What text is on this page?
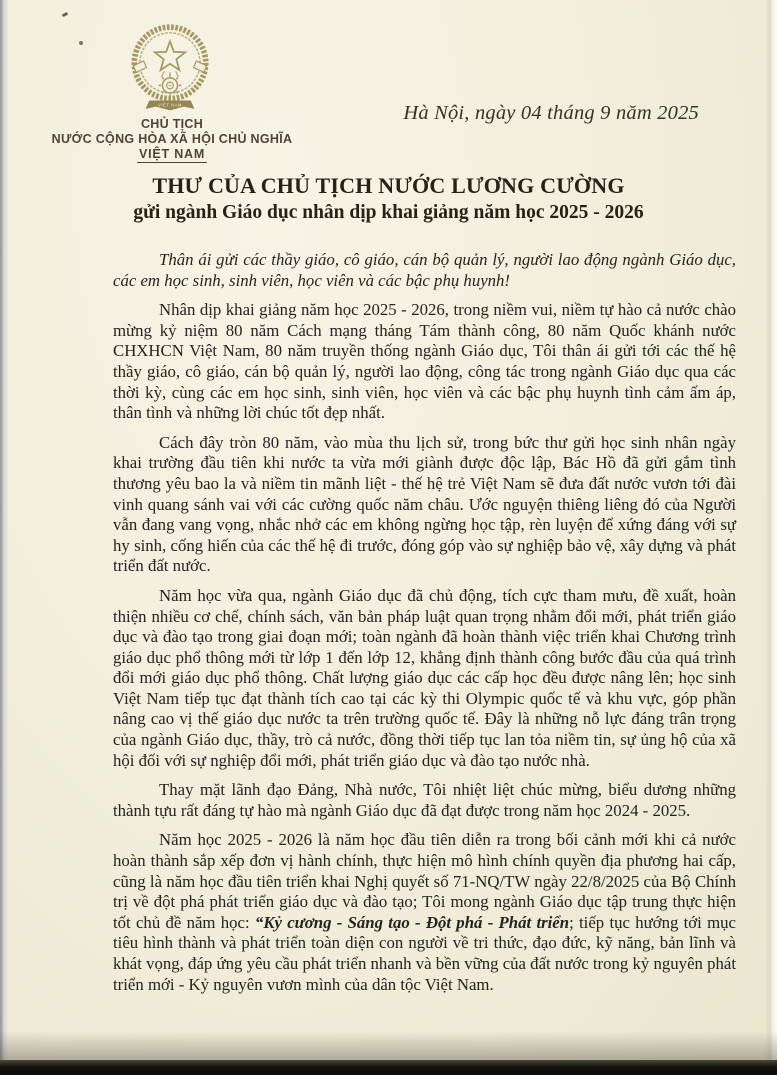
VIỆT NAM
CHỦ TỊCH
NƯỚC CỘNG HÒA XÃ HỘI CHỦ NGHĨA
VIỆT NAM
Hà Nội, ngày 04 tháng 9 năm 2025
THƯ CỦA CHỦ TỊCH NƯỚC LƯƠNG CƯỜNG
gửi ngành Giáo dục nhân dịp khai giảng năm học 2025 - 2026

Thân ái gửi các thầy giáo, cô giáo, cán bộ quản lý, người lao động ngành Giáo dục, các em học sinh, sinh viên, học viên và các bậc phụ huynh!

Nhân dịp khai giảng năm học 2025 - 2026, trong niềm vui, niềm tự hào cả nước chào mừng kỷ niệm 80 năm Cách mạng tháng Tám thành công, 80 năm Quốc khánh nước CHXHCN Việt Nam, 80 năm truyền thống ngành Giáo dục, Tôi thân ái gửi tới các thế hệ thầy giáo, cô giáo, cán bộ quản lý, người lao động, công tác trong ngành Giáo dục qua các thời kỳ, cùng các em học sinh, sinh viên, học viên và các bậc phụ huynh tình cảm ấm áp, thân tình và những lời chúc tốt đẹp nhất.

Cách đây tròn 80 năm, vào mùa thu lịch sử, trong bức thư gửi học sinh nhân ngày khai trường đầu tiên khi nước ta vừa mới giành được độc lập, Bác Hồ đã gửi gắm tình thương yêu bao la và niềm tin mãnh liệt - thế hệ trẻ Việt Nam sẽ đưa đất nước vươn tới đài vinh quang sánh vai với các cường quốc năm châu. Ước nguyện thiêng liêng đó của Người vẫn đang vang vọng, nhắc nhở các em không ngừng học tập, rèn luyện để xứng đáng với sự hy sinh, cống hiến của các thế hệ đi trước, đóng góp vào sự nghiệp bảo vệ, xây dựng và phát triển đất nước.

Năm học vừa qua, ngành Giáo dục đã chủ động, tích cực tham mưu, đề xuất, hoàn thiện nhiều cơ chế, chính sách, văn bản pháp luật quan trọng nhằm đổi mới, phát triển giáo dục và đào tạo trong giai đoạn mới; toàn ngành đã hoàn thành việc triển khai Chương trình giáo dục phổ thông mới từ lớp 1 đến lớp 12, khẳng định thành công bước đầu của quá trình đổi mới giáo dục phổ thông. Chất lượng giáo dục các cấp học đều được nâng lên; học sinh Việt Nam tiếp tục đạt thành tích cao tại các kỳ thi Olympic quốc tế và khu vực, góp phần nâng cao vị thế giáo dục nước ta trên trường quốc tế. Đây là những nỗ lực đáng trân trọng của ngành Giáo dục, thầy, trò cả nước, đồng thời tiếp tục lan tỏa niềm tin, sự ủng hộ của xã hội đối với sự nghiệp đổi mới, phát triển giáo dục và đào tạo nước nhà.

Thay mặt lãnh đạo Đảng, Nhà nước, Tôi nhiệt liệt chúc mừng, biểu dương những thành tựu rất đáng tự hào mà ngành Giáo dục đã đạt được trong năm học 2024 - 2025.

Năm học 2025 - 2026 là năm học đầu tiên diễn ra trong bối cảnh mới khi cả nước hoàn thành sắp xếp đơn vị hành chính, thực hiện mô hình chính quyền địa phương hai cấp, cũng là năm học đầu tiên triển khai Nghị quyết số 71-NQ/TW ngày 22/8/2025 của Bộ Chính trị về đột phá phát triển giáo dục và đào tạo; Tôi mong ngành Giáo dục tập trung thực hiện tốt chủ đề năm học: “Kỷ cương - Sáng tạo - Đột phá - Phát triển; tiếp tục hướng tới mục tiêu hình thành và phát triển toàn diện con người về tri thức, đạo đức, kỹ năng, bản lĩnh và khát vọng, đáp ứng yêu cầu phát triển nhanh và bền vững của đất nước trong kỷ nguyên phát triển mới - Kỷ nguyên vươn mình của dân tộc Việt Nam.
